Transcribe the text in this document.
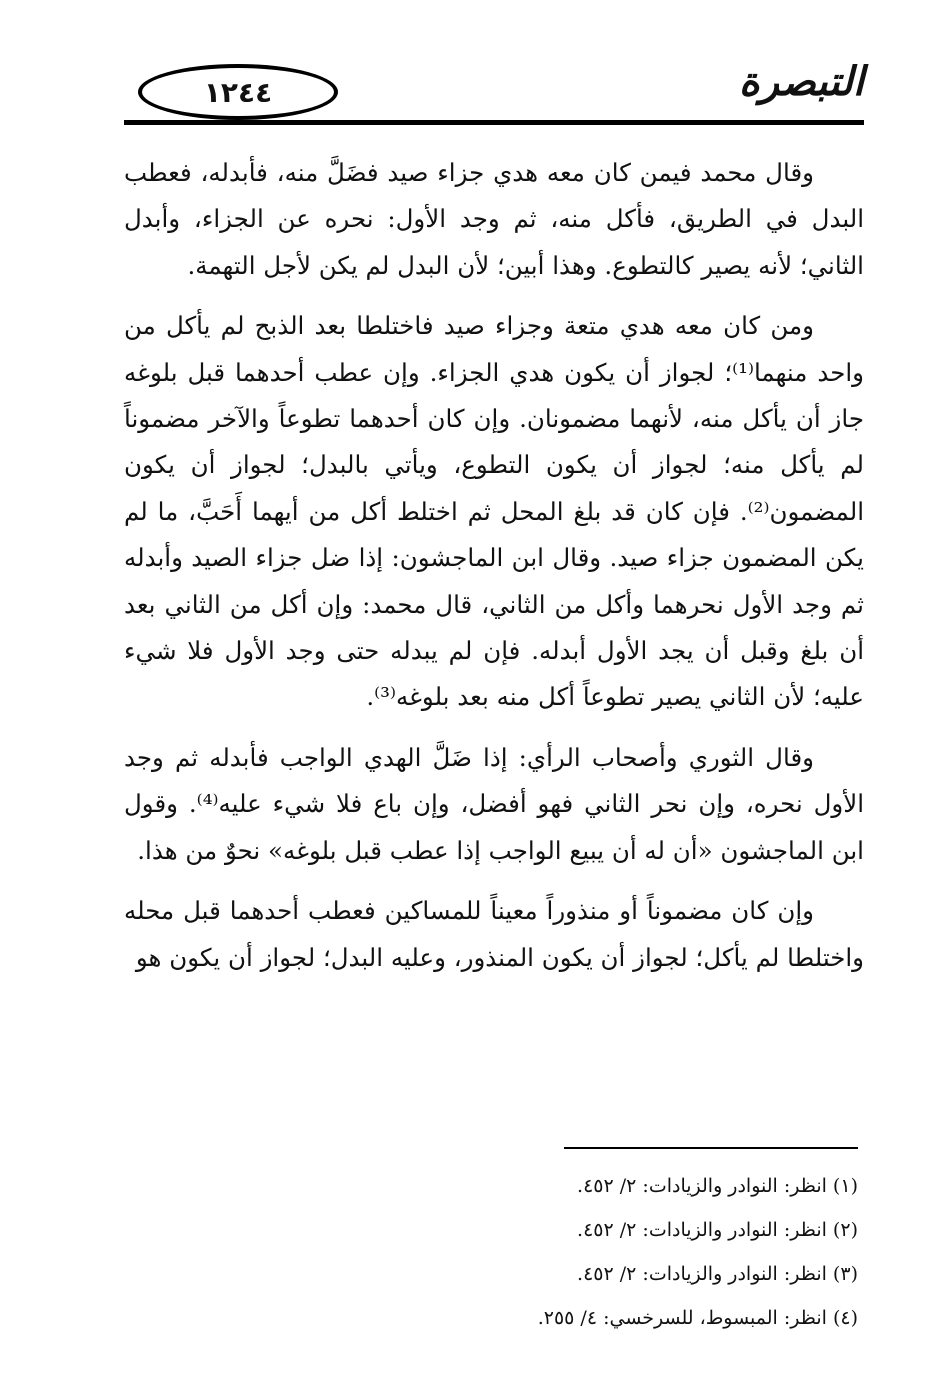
١٢٤٤	التبصرة

وقال محمد فيمن كان معه هدي جزاء صيد فضَلَّ منه، فأبدله، فعطب البدل في الطريق، فأكل منه، ثم وجد الأول: نحره عن الجزاء، وأبدل الثاني؛ لأنه يصير كالتطوع. وهذا أبين؛ لأن البدل لم يكن لأجل التهمة.

ومن كان معه هدي متعة وجزاء صيد فاختلطا بعد الذبح لم يأكل من واحد منهما⁽¹⁾؛ لجواز أن يكون هدي الجزاء. وإن عطب أحدهما قبل بلوغه جاز أن يأكل منه، لأنهما مضمونان. وإن كان أحدهما تطوعاً والآخر مضموناً لم يأكل منه؛ لجواز أن يكون التطوع، ويأتي بالبدل؛ لجواز أن يكون المضمون⁽²⁾. فإن كان قد بلغ المحل ثم اختلط أكل من أيهما أَحَبَّ، ما لم يكن المضمون جزاء صيد. وقال ابن الماجشون: إذا ضل جزاء الصيد وأبدله ثم وجد الأول نحرهما وأكل من الثاني، قال محمد: وإن أكل من الثاني بعد أن بلغ وقبل أن يجد الأول أبدله. فإن لم يبدله حتى وجد الأول فلا شيء عليه؛ لأن الثاني يصير تطوعاً أكل منه بعد بلوغه⁽³⁾.

وقال الثوري وأصحاب الرأي: إذا ضَلَّ الهدي الواجب فأبدله ثم وجد الأول نحره، وإن نحر الثاني فهو أفضل، وإن باع فلا شيء عليه⁽⁴⁾. وقول ابن الماجشون «أن له أن يبيع الواجب إذا عطب قبل بلوغه» نحوٌ من هذا.

وإن كان مضموناً أو منذوراً معيناً للمساكين فعطب أحدهما قبل محله واختلطا لم يأكل؛ لجواز أن يكون المنذور، وعليه البدل؛ لجواز أن يكون هو

(١) انظر: النوادر والزيادات: ٢/ ٤٥٢.

(٢) انظر: النوادر والزيادات: ٢/ ٤٥٢.

(٣) انظر: النوادر والزيادات: ٢/ ٤٥٢.

(٤) انظر: المبسوط، للسرخسي: ٤/ ٢٥٥.
